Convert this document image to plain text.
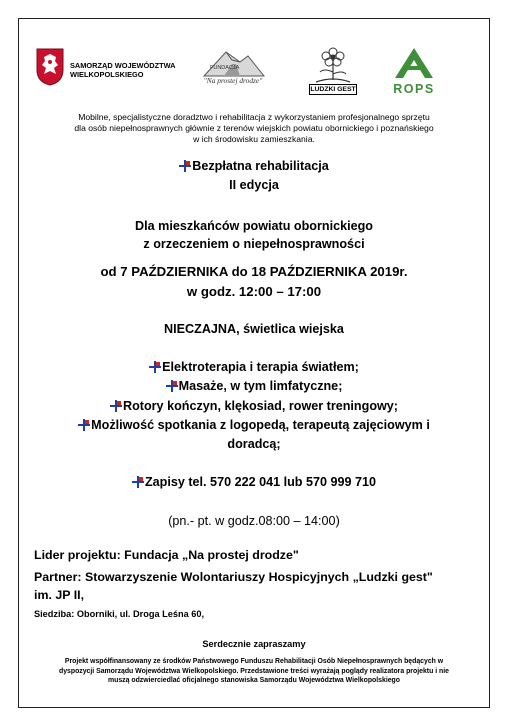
SAMORZĄD WOJEWÓDZTWA
WIELKOPOLSKIEGO
FUNDACJA
"Na prostej drodze"
LUDZKI GEST	ROPS
Mobilne, specjalistyczne doradztwo i rehabilitacja z wykorzystaniem profesjonalnego sprzętu
dla osób niepełnosprawnych głównie z terenów wiejskich powiatu obornickiego i poznańskiego
w ich środowisku zamieszkania.
Bezpłatna rehabilitacja
II edycja
Dla mieszkańców powiatu obornickiego
z orzeczeniem o niepełnosprawności
od 7 PAŹDZIERNIKA do 18 PAŹDZIERNIKA 2019r.
w godz. 12:00 – 17:00
NIECZAJNA, świetlica wiejska
Elektroterapia i terapia światłem;
Masaże, w tym limfatyczne;
Rotory kończyn, klękosiad, rower treningowy;
Możliwość spotkania z logopedą, terapeutą zajęciowym i
doradcą;
Zapisy tel. 570 222 041 lub 570 999 710
(pn.- pt. w godz.08:00 – 14:00)
Lider projektu: Fundacja „Na prostej drodze"
Partner: Stowarzyszenie Wolontariuszy Hospicyjnych „Ludzki gest"
im. JP II,
Siedziba: Oborniki, ul. Droga Leśna 60,
Serdecznie zapraszamy
Projekt współfinansowany ze środków Państwowego Funduszu Rehabilitacji Osób Niepełnosprawnych będących w
dyspozycji Samorządu Województwa Wielkopolskiego. Przedstawione treści wyrażają poglądy realizatora projektu i nie
muszą odzwierciedlać oficjalnego stanowiska Samorządu Województwa Wielkopolskiego
